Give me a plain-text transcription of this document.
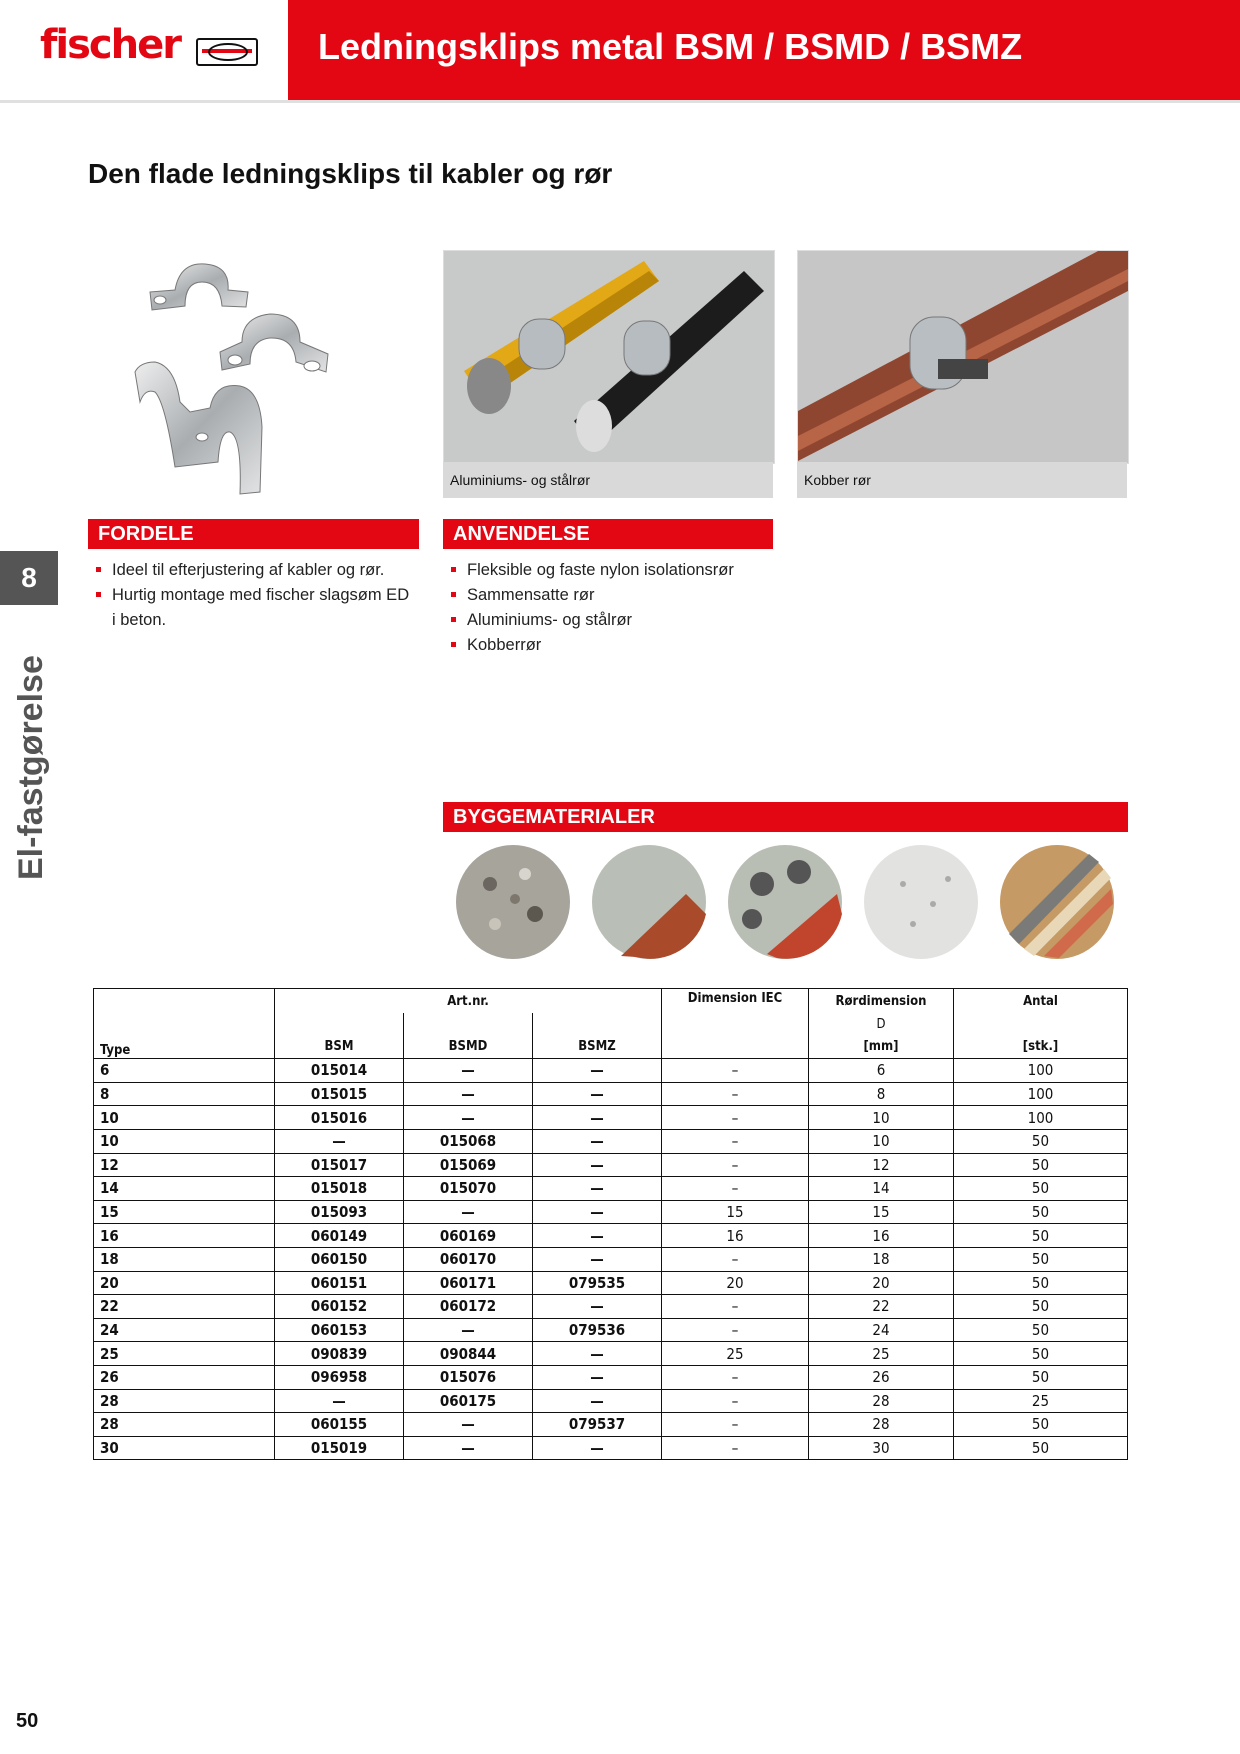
fischer	Ledningsklips metal BSM / BSMD / BSMZ
Den flade ledningsklips til kabler og rør
Aluminiums- og stålrør	Kobber rør
8
El-fastgørelse
FORDELE
Ideel til efterjustering af kabler og rør.
Hurtig montage med fischer slagsøm ED i beton.
ANVENDELSE
Fleksible og faste nylon isolationsrør
Sammensatte rør
Aluminiums- og stålrør
Kobberrør
BYGGEMATERIALER
Type	Art.nr.			Dimension IEC	Rørdimension	Antal
					D	
	BSM	BSMD	BSMZ		[mm]	[stk.]
6	015014	—	—	–	6	100
8	015015	—	—	–	8	100
10	015016	—	—	–	10	100
10	—	015068	—	–	10	50
12	015017	015069	—	–	12	50
14	015018	015070	—	–	14	50
15	015093	—	—	15	15	50
16	060149	060169	—	16	16	50
18	060150	060170	—	–	18	50
20	060151	060171	079535	20	20	50
22	060152	060172	—	–	22	50
24	060153	—	079536	–	24	50
25	090839	090844	—	25	25	50
26	096958	015076	—	–	26	50
28	—	060175	—	–	28	25
28	060155	—	079537	–	28	50
30	015019	—	—	–	30	50
50
